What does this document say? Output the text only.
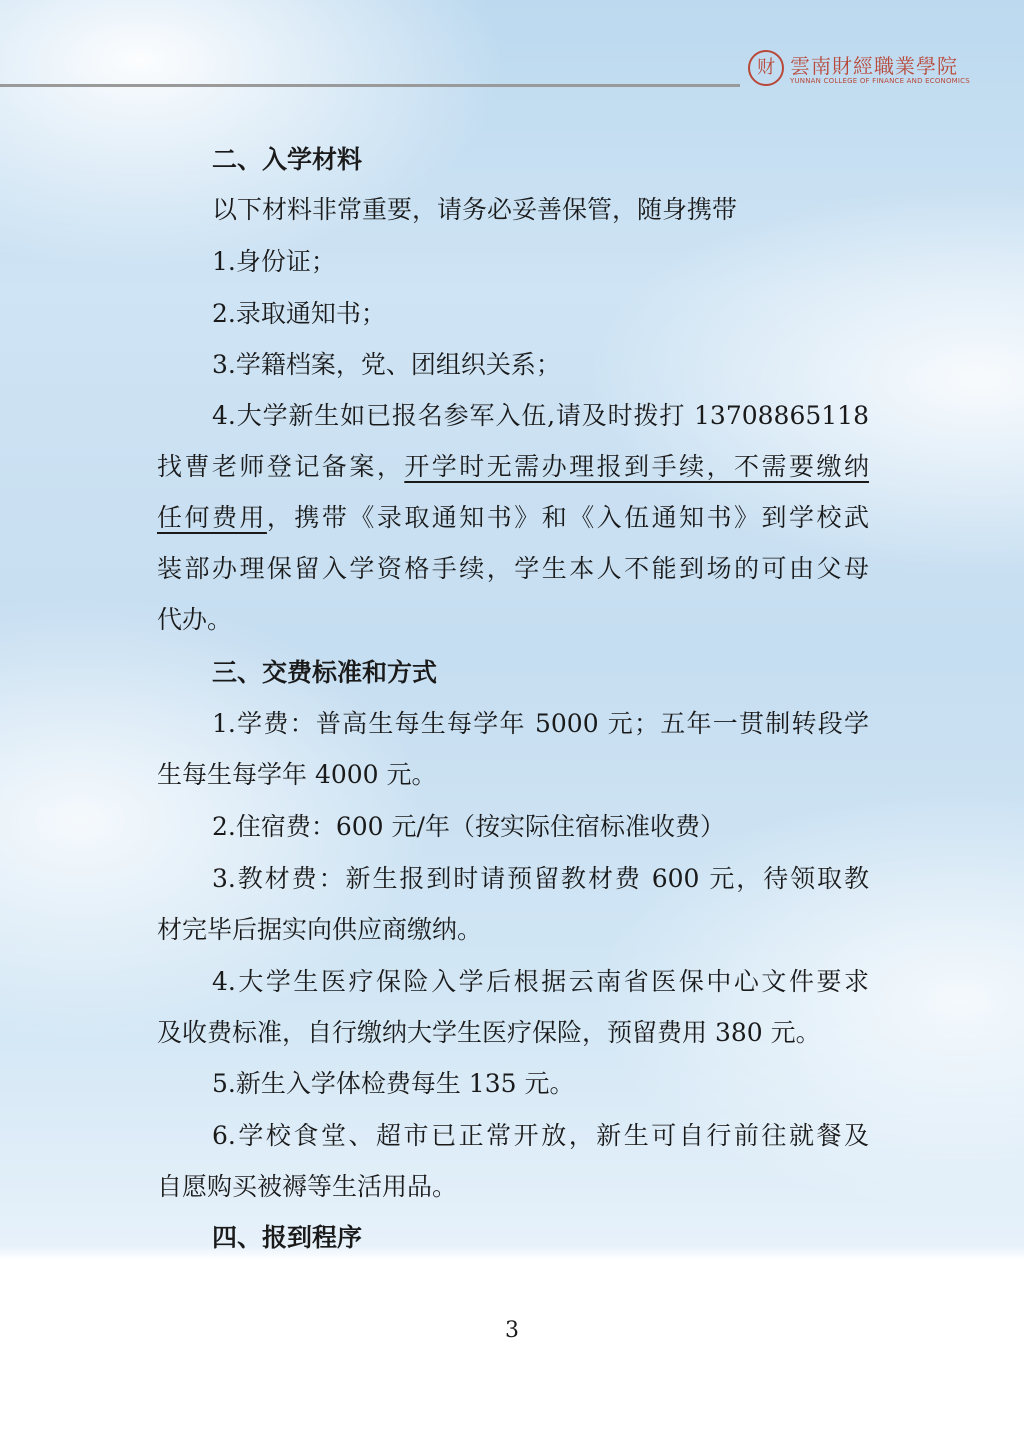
财 雲南財經職業學院
YUNNAN COLLEGE OF FINANCE AND ECONOMICS
二、入学材料
以下材料非常重要，请务必妥善保管，随身携带
1.身份证；
2.录取通知书；
3.学籍档案，党、团组织关系；
4.大学新生如已报名参军入伍,请及时拨打 13708865118
找曹老师登记备案，开学时无需办理报到手续，不需要缴纳
任何费用，携带《录取通知书》和《入伍通知书》到学校武
装部办理保留入学资格手续，学生本人不能到场的可由父母
代办。
三、交费标准和方式
1.学费：普高生每生每学年 5000 元；五年一贯制转段学
生每生每学年 4000 元。
2.住宿费：600 元/年（按实际住宿标准收费）
3.教材费：新生报到时请预留教材费 600 元，待领取教
材完毕后据实向供应商缴纳。
4.大学生医疗保险入学后根据云南省医保中心文件要求
及收费标准，自行缴纳大学生医疗保险，预留费用 380 元。
5.新生入学体检费每生 135 元。
6.学校食堂、超市已正常开放，新生可自行前往就餐及
自愿购买被褥等生活用品。
四、报到程序
3
